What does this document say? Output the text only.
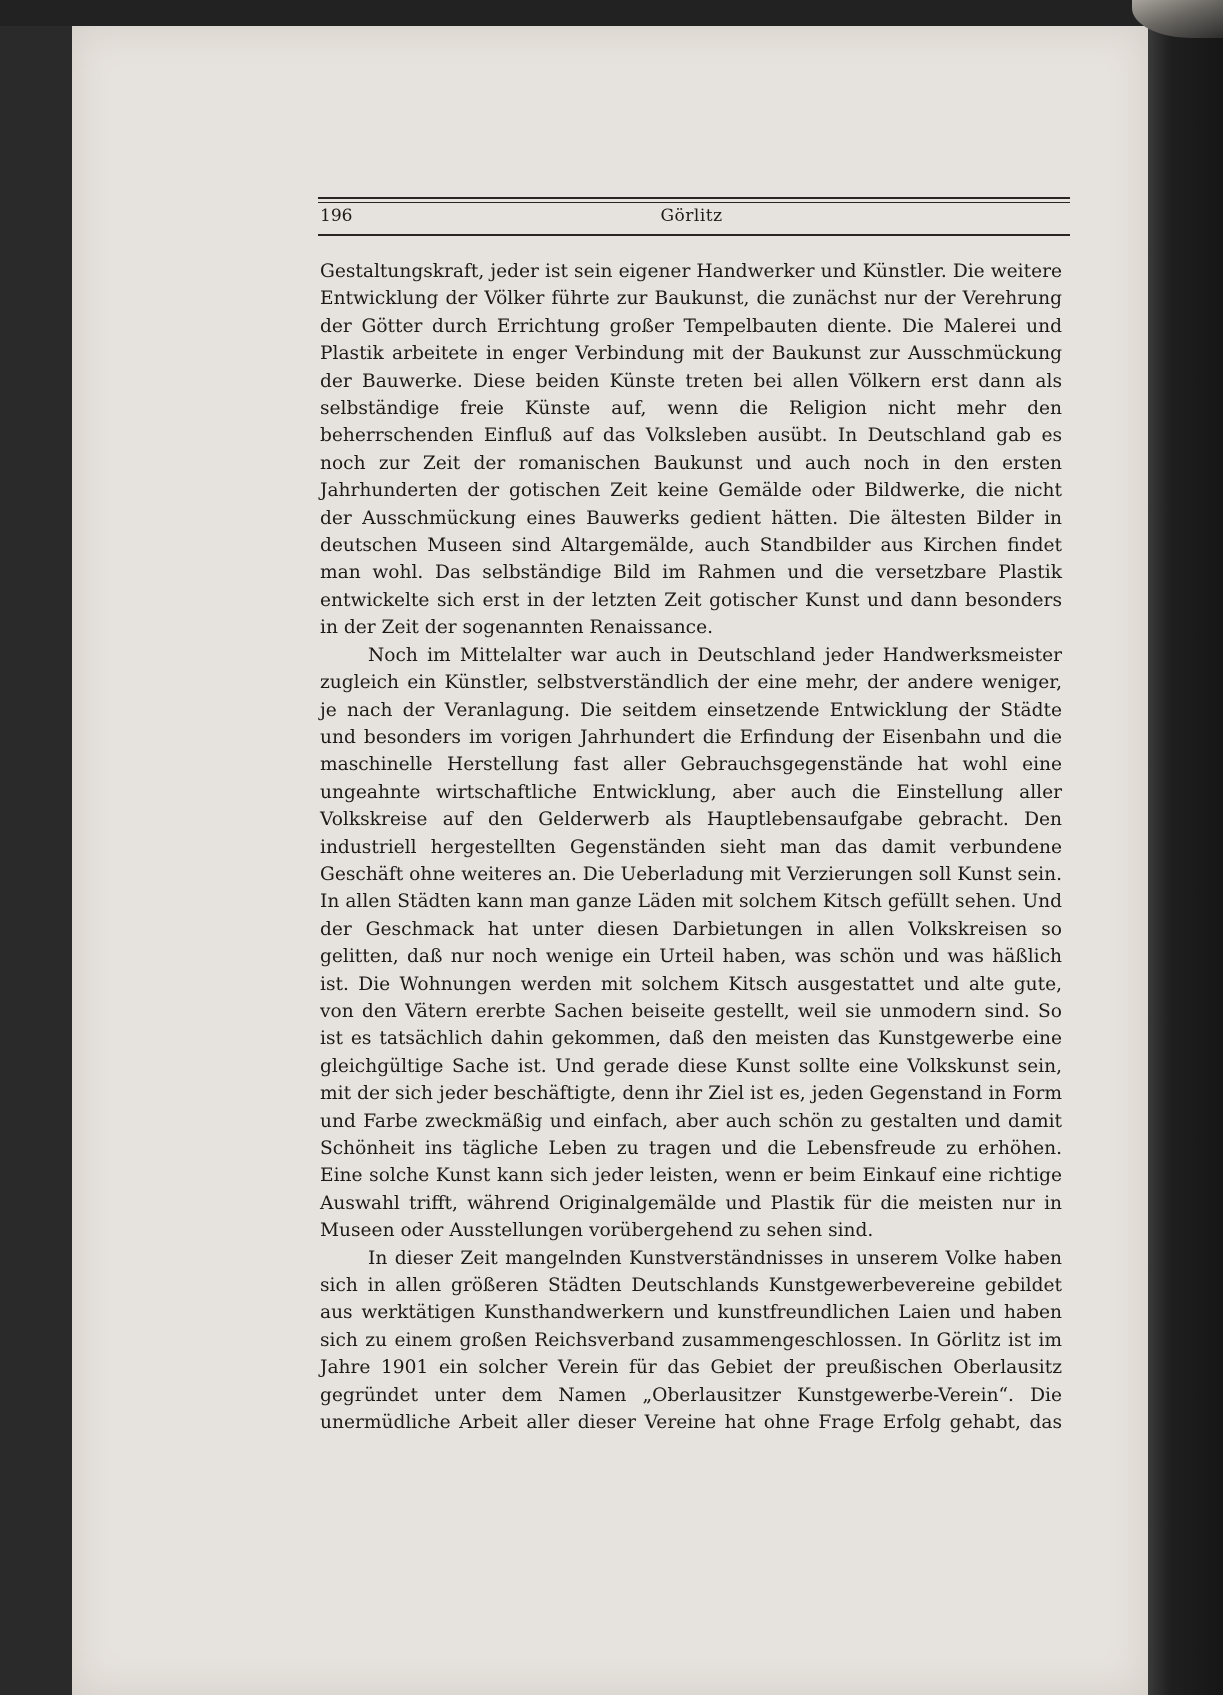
196	Görlitz

Gestaltungskraft, jeder ist sein eigener Handwerker und Künstler. Die weitere Entwicklung der Völker führte zur Baukunst, die zunächst nur der Verehrung der Götter durch Errichtung großer Tempelbauten diente. Die Malerei und Plastik arbeitete in enger Verbindung mit der Baukunst zur Ausschmückung der Bauwerke. Diese beiden Künste treten bei allen Völkern erst dann als selbständige freie Künste auf, wenn die Religion nicht mehr den beherrschenden Einfluß auf das Volksleben ausübt. In Deutschland gab es noch zur Zeit der romanischen Baukunst und auch noch in den ersten Jahrhunderten der gotischen Zeit keine Gemälde oder Bildwerke, die nicht der Ausschmückung eines Bauwerks gedient hätten. Die ältesten Bilder in deutschen Museen sind Altargemälde, auch Standbilder aus Kirchen findet man wohl. Das selbständige Bild im Rahmen und die versetzbare Plastik entwickelte sich erst in der letzten Zeit gotischer Kunst und dann besonders in der Zeit der sogenannten Renaissance.

Noch im Mittelalter war auch in Deutschland jeder Handwerksmeister zugleich ein Künstler, selbstverständlich der eine mehr, der andere weniger, je nach der Veranlagung. Die seitdem einsetzende Entwicklung der Städte und besonders im vorigen Jahrhundert die Erfindung der Eisenbahn und die maschinelle Herstellung fast aller Gebrauchsgegenstände hat wohl eine ungeahnte wirtschaftliche Entwicklung, aber auch die Einstellung aller Volkskreise auf den Gelderwerb als Hauptlebensaufgabe gebracht. Den industriell hergestellten Gegenständen sieht man das damit verbundene Geschäft ohne weiteres an. Die Ueberladung mit Verzierungen soll Kunst sein. In allen Städten kann man ganze Läden mit solchem Kitsch gefüllt sehen. Und der Geschmack hat unter diesen Darbietungen in allen Volkskreisen so gelitten, daß nur noch wenige ein Urteil haben, was schön und was häßlich ist. Die Wohnungen werden mit solchem Kitsch ausgestattet und alte gute, von den Vätern ererbte Sachen beiseite gestellt, weil sie unmodern sind. So ist es tatsächlich dahin gekommen, daß den meisten das Kunstgewerbe eine gleichgültige Sache ist. Und gerade diese Kunst sollte eine Volkskunst sein, mit der sich jeder beschäftigte, denn ihr Ziel ist es, jeden Gegenstand in Form und Farbe zweckmäßig und einfach, aber auch schön zu gestalten und damit Schönheit ins tägliche Leben zu tragen und die Lebensfreude zu erhöhen. Eine solche Kunst kann sich jeder leisten, wenn er beim Einkauf eine richtige Auswahl trifft, während Originalgemälde und Plastik für die meisten nur in Museen oder Ausstellungen vorübergehend zu sehen sind.

In dieser Zeit mangelnden Kunstverständnisses in unserem Volke haben sich in allen größeren Städten Deutschlands Kunstgewerbevereine gebildet aus werktätigen Kunsthandwerkern und kunstfreundlichen Laien und haben sich zu einem großen Reichsverband zusammengeschlossen. In Görlitz ist im Jahre 1901 ein solcher Verein für das Gebiet der preußischen Oberlausitz gegründet unter dem Namen „Oberlausitzer Kunstgewerbe-Verein“. Die unermüdliche Arbeit aller dieser Vereine hat ohne Frage Erfolg gehabt, das
